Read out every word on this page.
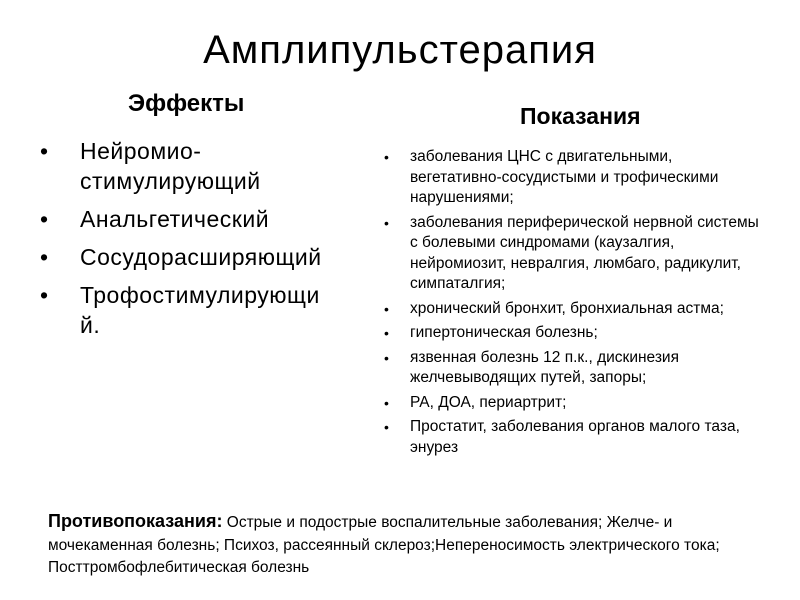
Амплипульстерапия
Эффекты
• Нейромио-
стимулирующий
• Анальгетический
• Сосудорасширяющий
• Трофостимулирующи
й.
Показания
• заболевания ЦНС с двигательными, вегетативно-сосудистыми и трофическими нарушениями;
• заболевания периферической нервной системы с болевыми синдромами (каузалгия, нейромиозит, невралгия, люмбаго, радикулит, симпаталгия;
• хронический бронхит, бронхиальная астма;
• гипертоническая болезнь;
• язвенная болезнь 12 п.к., дискинезия желчевыводящих путей, запоры;
• РА, ДОА, периартрит;
• Простатит, заболевания органов малого таза, энурез

Противопоказания: Острые и подострые воспалительные заболевания; Желче- и мочекаменная болезнь; Психоз, рассеянный склероз;Непереносимость электрического тока; Посттромбофлебитическая болезнь
